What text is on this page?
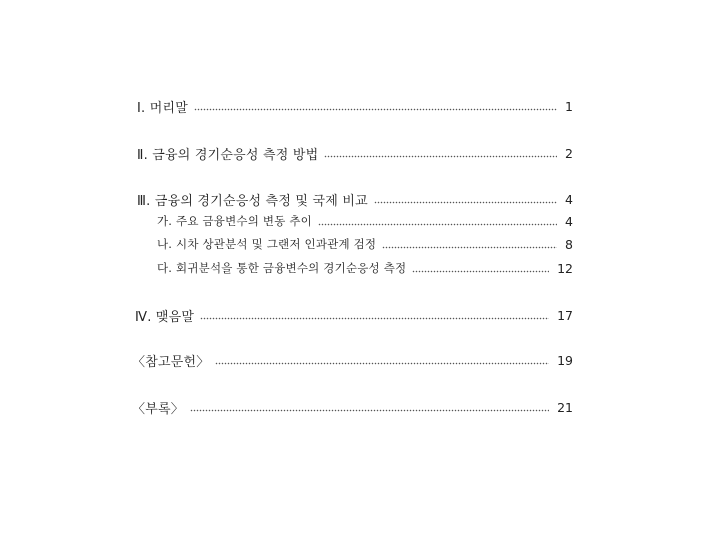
Ⅰ. 머리말	1
Ⅱ. 금융의 경기순응성 측정 방법	2
Ⅲ. 금융의 경기순응성 측정 및 국제 비교	4
가. 주요 금융변수의 변동 추이	4
나. 시차 상관분석 및 그랜저 인과관계 검정	8
다. 회귀분석을 통한 금융변수의 경기순응성 측정	12
Ⅳ. 맺음말	17
〈참고문헌〉	19
〈부록〉	21
